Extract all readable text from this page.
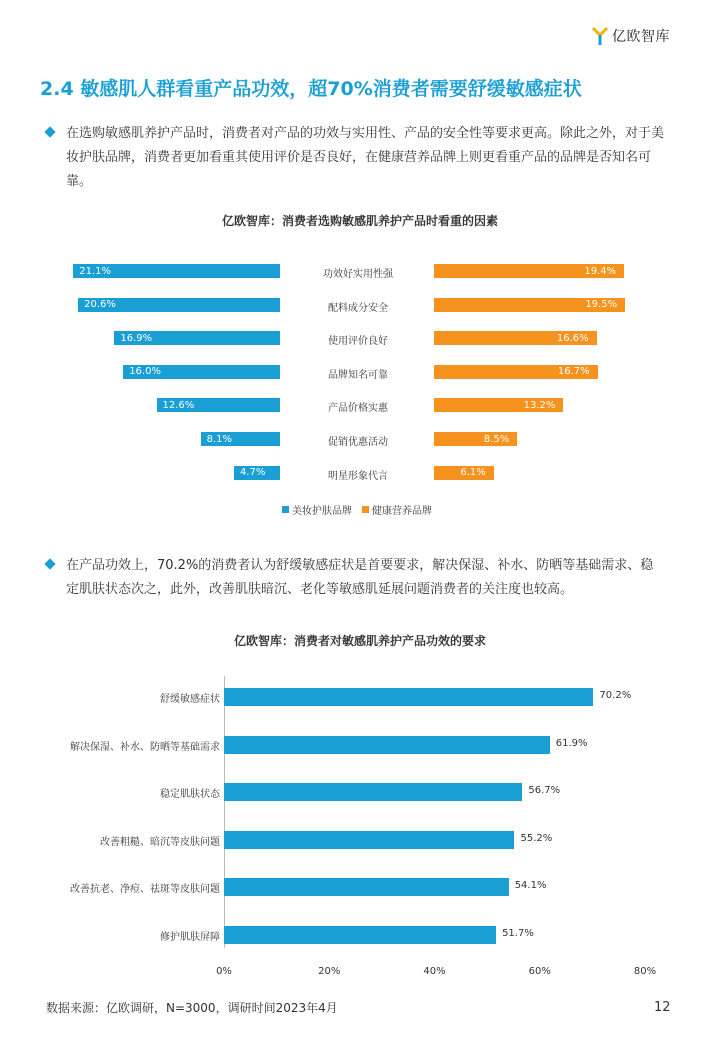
亿欧智库
2.4 敏感肌人群看重产品功效，超70%消费者需要舒缓敏感症状
在选购敏感肌养护产品时，消费者对产品的功效与实用性、产品的安全性等要求更高。除此之外，对于美妆护肤品牌，消费者更加看重其使用评价是否良好，在健康营养品牌上则更看重产品的品牌是否知名可靠。
亿欧智库：消费者选购敏感肌养护产品时看重的因素
21.1%	功效好实用性强	19.4%
20.6%	配料成分安全	19.5%
16.9%	使用评价良好	16.6%
16.0%	品牌知名可靠	16.7%
12.6%	产品价格实惠	13.2%
8.1%	促销优惠活动	8.5%
4.7%	明星形象代言	6.1%
美妆护肤品牌 健康营养品牌
在产品功效上，70.2%的消费者认为舒缓敏感症状是首要要求，解决保湿、补水、防晒等基础需求、稳定肌肤状态次之，此外，改善肌肤暗沉、老化等敏感肌延展问题消费者的关注度也较高。
亿欧智库：消费者对敏感肌养护产品功效的要求
舒缓敏感症状	70.2%
解决保湿、补水、防晒等基础需求	61.9%
稳定肌肤状态	56.7%
改善粗糙、暗沉等皮肤问题	55.2%
改善抗老、净痘、祛斑等皮肤问题	54.1%
修护肌肤屏障	51.7%
0%	20%	40%	60%	80%
数据来源：亿欧调研，N=3000，调研时间2023年4月	12
